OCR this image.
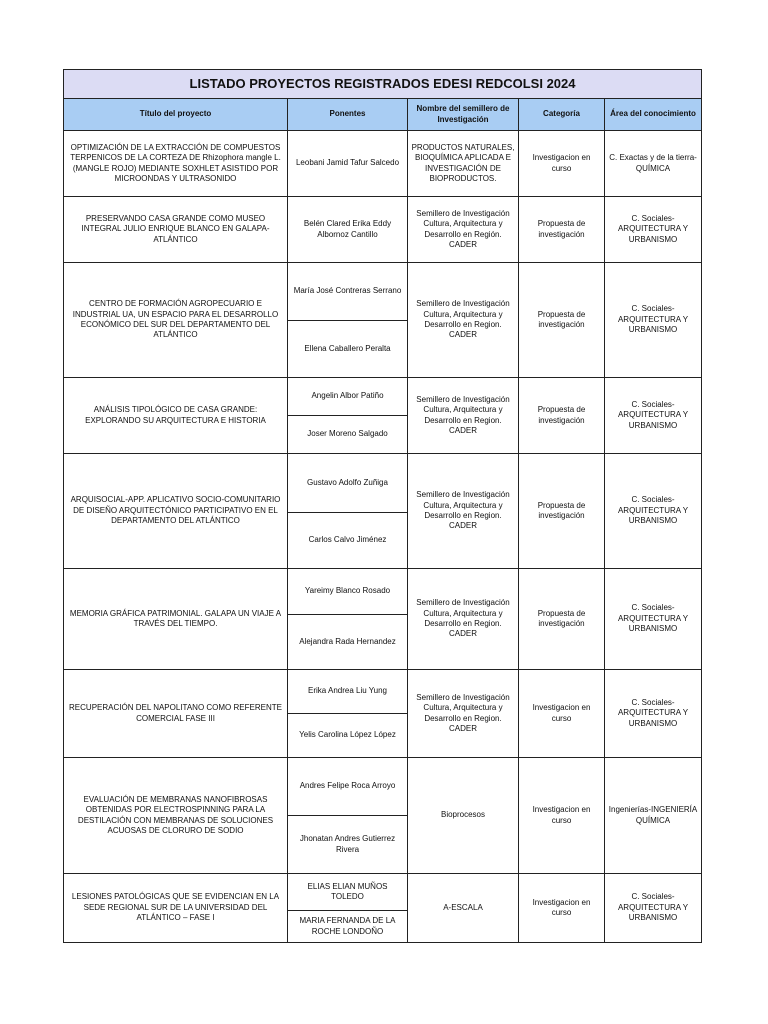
LISTADO PROYECTOS REGISTRADOS EDESI REDCOLSI 2024				
Título del proyecto	Ponentes	Nombre del semillero de Investigación	Categoría	Área del conocimiento
OPTIMIZACIÓN DE LA EXTRACCIÓN DE COMPUESTOS TERPENICOS DE LA CORTEZA DE Rhizophora mangle L. (MANGLE ROJO) MEDIANTE SOXHLET ASISTIDO POR MICROONDAS Y ULTRASONIDO	Leobani Jamid Tafur Salcedo	PRODUCTOS NATURALES, BIOQUÍMICA APLICADA E INVESTIGACIÓN DE BIOPRODUCTOS.	Investigacion en curso	C. Exactas y de la tierra-QUÍMICA
PRESERVANDO CASA GRANDE COMO MUSEO INTEGRAL JULIO ENRIQUE BLANCO EN GALAPA-ATLÁNTICO	Belén Clared Erika Eddy Albornoz Cantillo	Semillero de Investigación Cultura, Arquitectura y Desarrollo en Región. CADER	Propuesta de investigación	C. Sociales-ARQUITECTURA Y URBANISMO
CENTRO DE FORMACIÓN AGROPECUARIO E INDUSTRIAL UA, UN ESPACIO PARA EL DESARROLLO ECONÓMICO DEL SUR DEL DEPARTAMENTO DEL ATLÁNTICO	María José Contreras Serrano	Semillero de Investigación Cultura, Arquitectura y Desarrollo en Region. CADER	Propuesta de investigación	C. Sociales-ARQUITECTURA Y URBANISMO
	Ellena Caballero Peralta			
ANÁLISIS TIPOLÓGICO DE CASA GRANDE: EXPLORANDO SU ARQUITECTURA E HISTORIA	Angelin Albor Patiño	Semillero de Investigación Cultura, Arquitectura y Desarrollo en Region. CADER	Propuesta de investigación	C. Sociales-ARQUITECTURA Y URBANISMO
	Joser Moreno Salgado			
ARQUISOCIAL-APP. APLICATIVO SOCIO-COMUNITARIO DE DISEÑO ARQUITECTÓNICO PARTICIPATIVO EN EL DEPARTAMENTO DEL ATLÁNTICO	Gustavo Adolfo Zuñiga	Semillero de Investigación Cultura, Arquitectura y Desarrollo en Region. CADER	Propuesta de investigación	C. Sociales-ARQUITECTURA Y URBANISMO
	Carlos Calvo Jiménez			
MEMORIA GRÁFICA PATRIMONIAL. GALAPA UN VIAJE A TRAVÉS DEL TIEMPO.	Yareimy Blanco Rosado	Semillero de Investigación Cultura, Arquitectura y Desarrollo en Region. CADER	Propuesta de investigación	C. Sociales-ARQUITECTURA Y URBANISMO
	Alejandra Rada Hernandez			
RECUPERACIÓN DEL NAPOLITANO COMO REFERENTE COMERCIAL FASE III	Erika Andrea Liu Yung	Semillero de Investigación Cultura, Arquitectura y Desarrollo en Region. CADER	Investigacion en curso	C. Sociales-ARQUITECTURA Y URBANISMO
	Yelis Carolina López López			
EVALUACIÓN DE MEMBRANAS NANOFIBROSAS OBTENIDAS POR ELECTROSPINNING PARA LA DESTILACIÓN CON MEMBRANAS DE SOLUCIONES ACUOSAS DE CLORURO DE SODIO	Andres Felipe Roca Arroyo	Bioprocesos	Investigacion en curso	Ingenierías-INGENIERÍA QUÍMICA
	Jhonatan Andres Gutierrez Rivera			
LESIONES PATOLÓGICAS QUE SE EVIDENCIAN EN LA SEDE REGIONAL SUR DE LA UNIVERSIDAD DEL ATLÁNTICO – FASE I	ELIAS ELIAN MUÑOS TOLEDO	A-ESCALA	Investigacion en curso	C. Sociales-ARQUITECTURA Y URBANISMO
	MARIA FERNANDA DE LA ROCHE LONDOÑO			
